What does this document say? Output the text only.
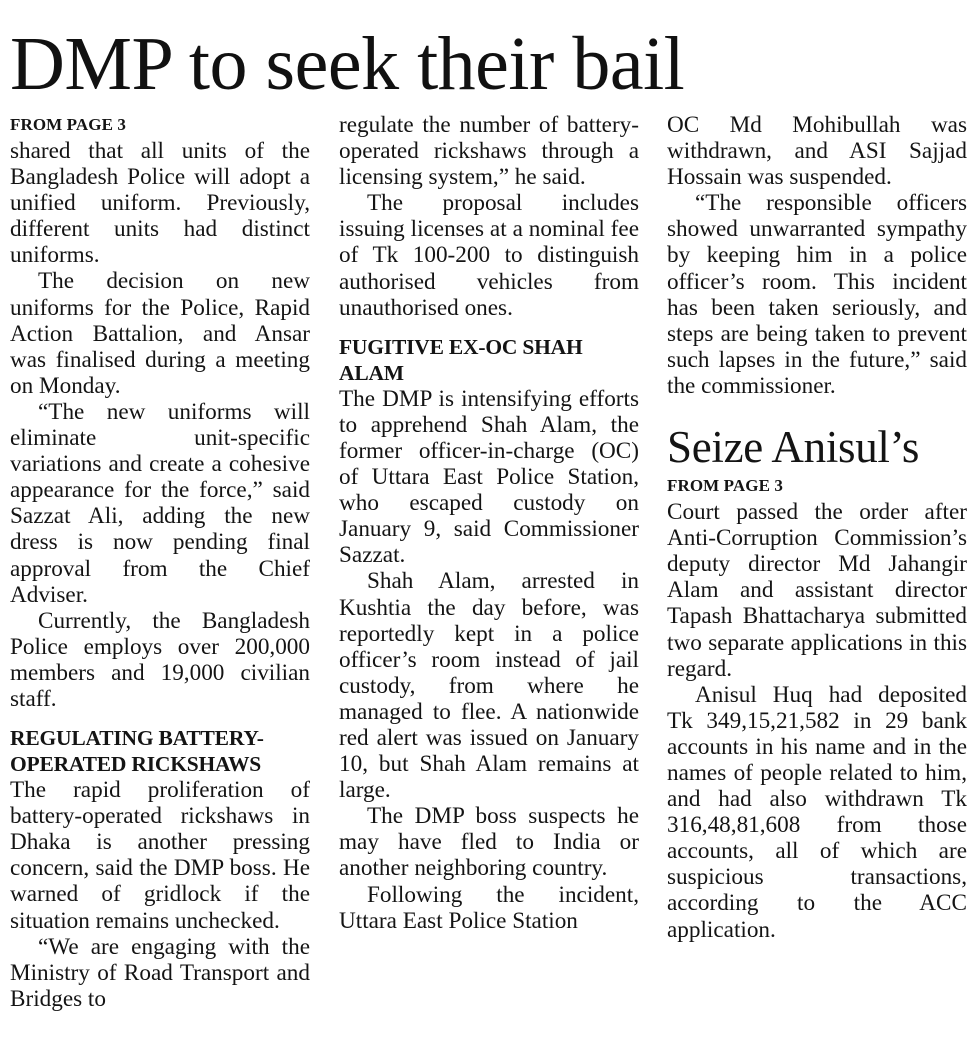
DMP to seek their bail
FROM PAGE 3

shared that all units of the Bangladesh Police will adopt a unified uniform. Previously, different units had distinct uniforms.

The decision on new uniforms for the Police, Rapid Action Battalion, and Ansar was finalised during a meeting on Monday.

“The new uniforms will eliminate unit-specific variations and create a cohesive appearance for the force,” said Sazzat Ali, adding the new dress is now pending final approval from the Chief Adviser.

Currently, the Bangladesh Police employs over 200,000 members and 19,000 civilian staff.

REGULATING BATTERY-OPERATED RICKSHAWS

The rapid proliferation of battery-operated rickshaws in Dhaka is another pressing concern, said the DMP boss. He warned of gridlock if the situation remains unchecked.

“We are engaging with the Ministry of Road Transport and Bridges to

regulate the number of battery-operated rickshaws through a licensing system,” he said.

The proposal includes issuing licenses at a nominal fee of Tk 100-200 to distinguish authorised vehicles from unauthorised ones.

FUGITIVE EX-OC SHAH ALAM

The DMP is intensifying efforts to apprehend Shah Alam, the former officer-in-charge (OC) of Uttara East Police Station, who escaped custody on January 9, said Commissioner Sazzat.

Shah Alam, arrested in Kushtia the day before, was reportedly kept in a police officer’s room instead of jail custody, from where he managed to flee. A nationwide red alert was issued on January 10, but Shah Alam remains at large.

The DMP boss suspects he may have fled to India or another neighboring country.

Following the incident, Uttara East Police Station

OC Md Mohibullah was withdrawn, and ASI Sajjad Hossain was suspended.

“The responsible officers showed unwarranted sympathy by keeping him in a police officer’s room. This incident has been taken seriously, and steps are being taken to prevent such lapses in the future,” said the commissioner.

Seize Anisul’s
FROM PAGE 3

Court passed the order after Anti-Corruption Commission’s deputy director Md Jahangir Alam and assistant director Tapash Bhattacharya submitted two separate applications in this regard.

Anisul Huq had deposited Tk 349,15,21,582 in 29 bank accounts in his name and in the names of people related to him, and had also withdrawn Tk 316,48,81,608 from those accounts, all of which are suspicious transactions, according to the ACC application.
